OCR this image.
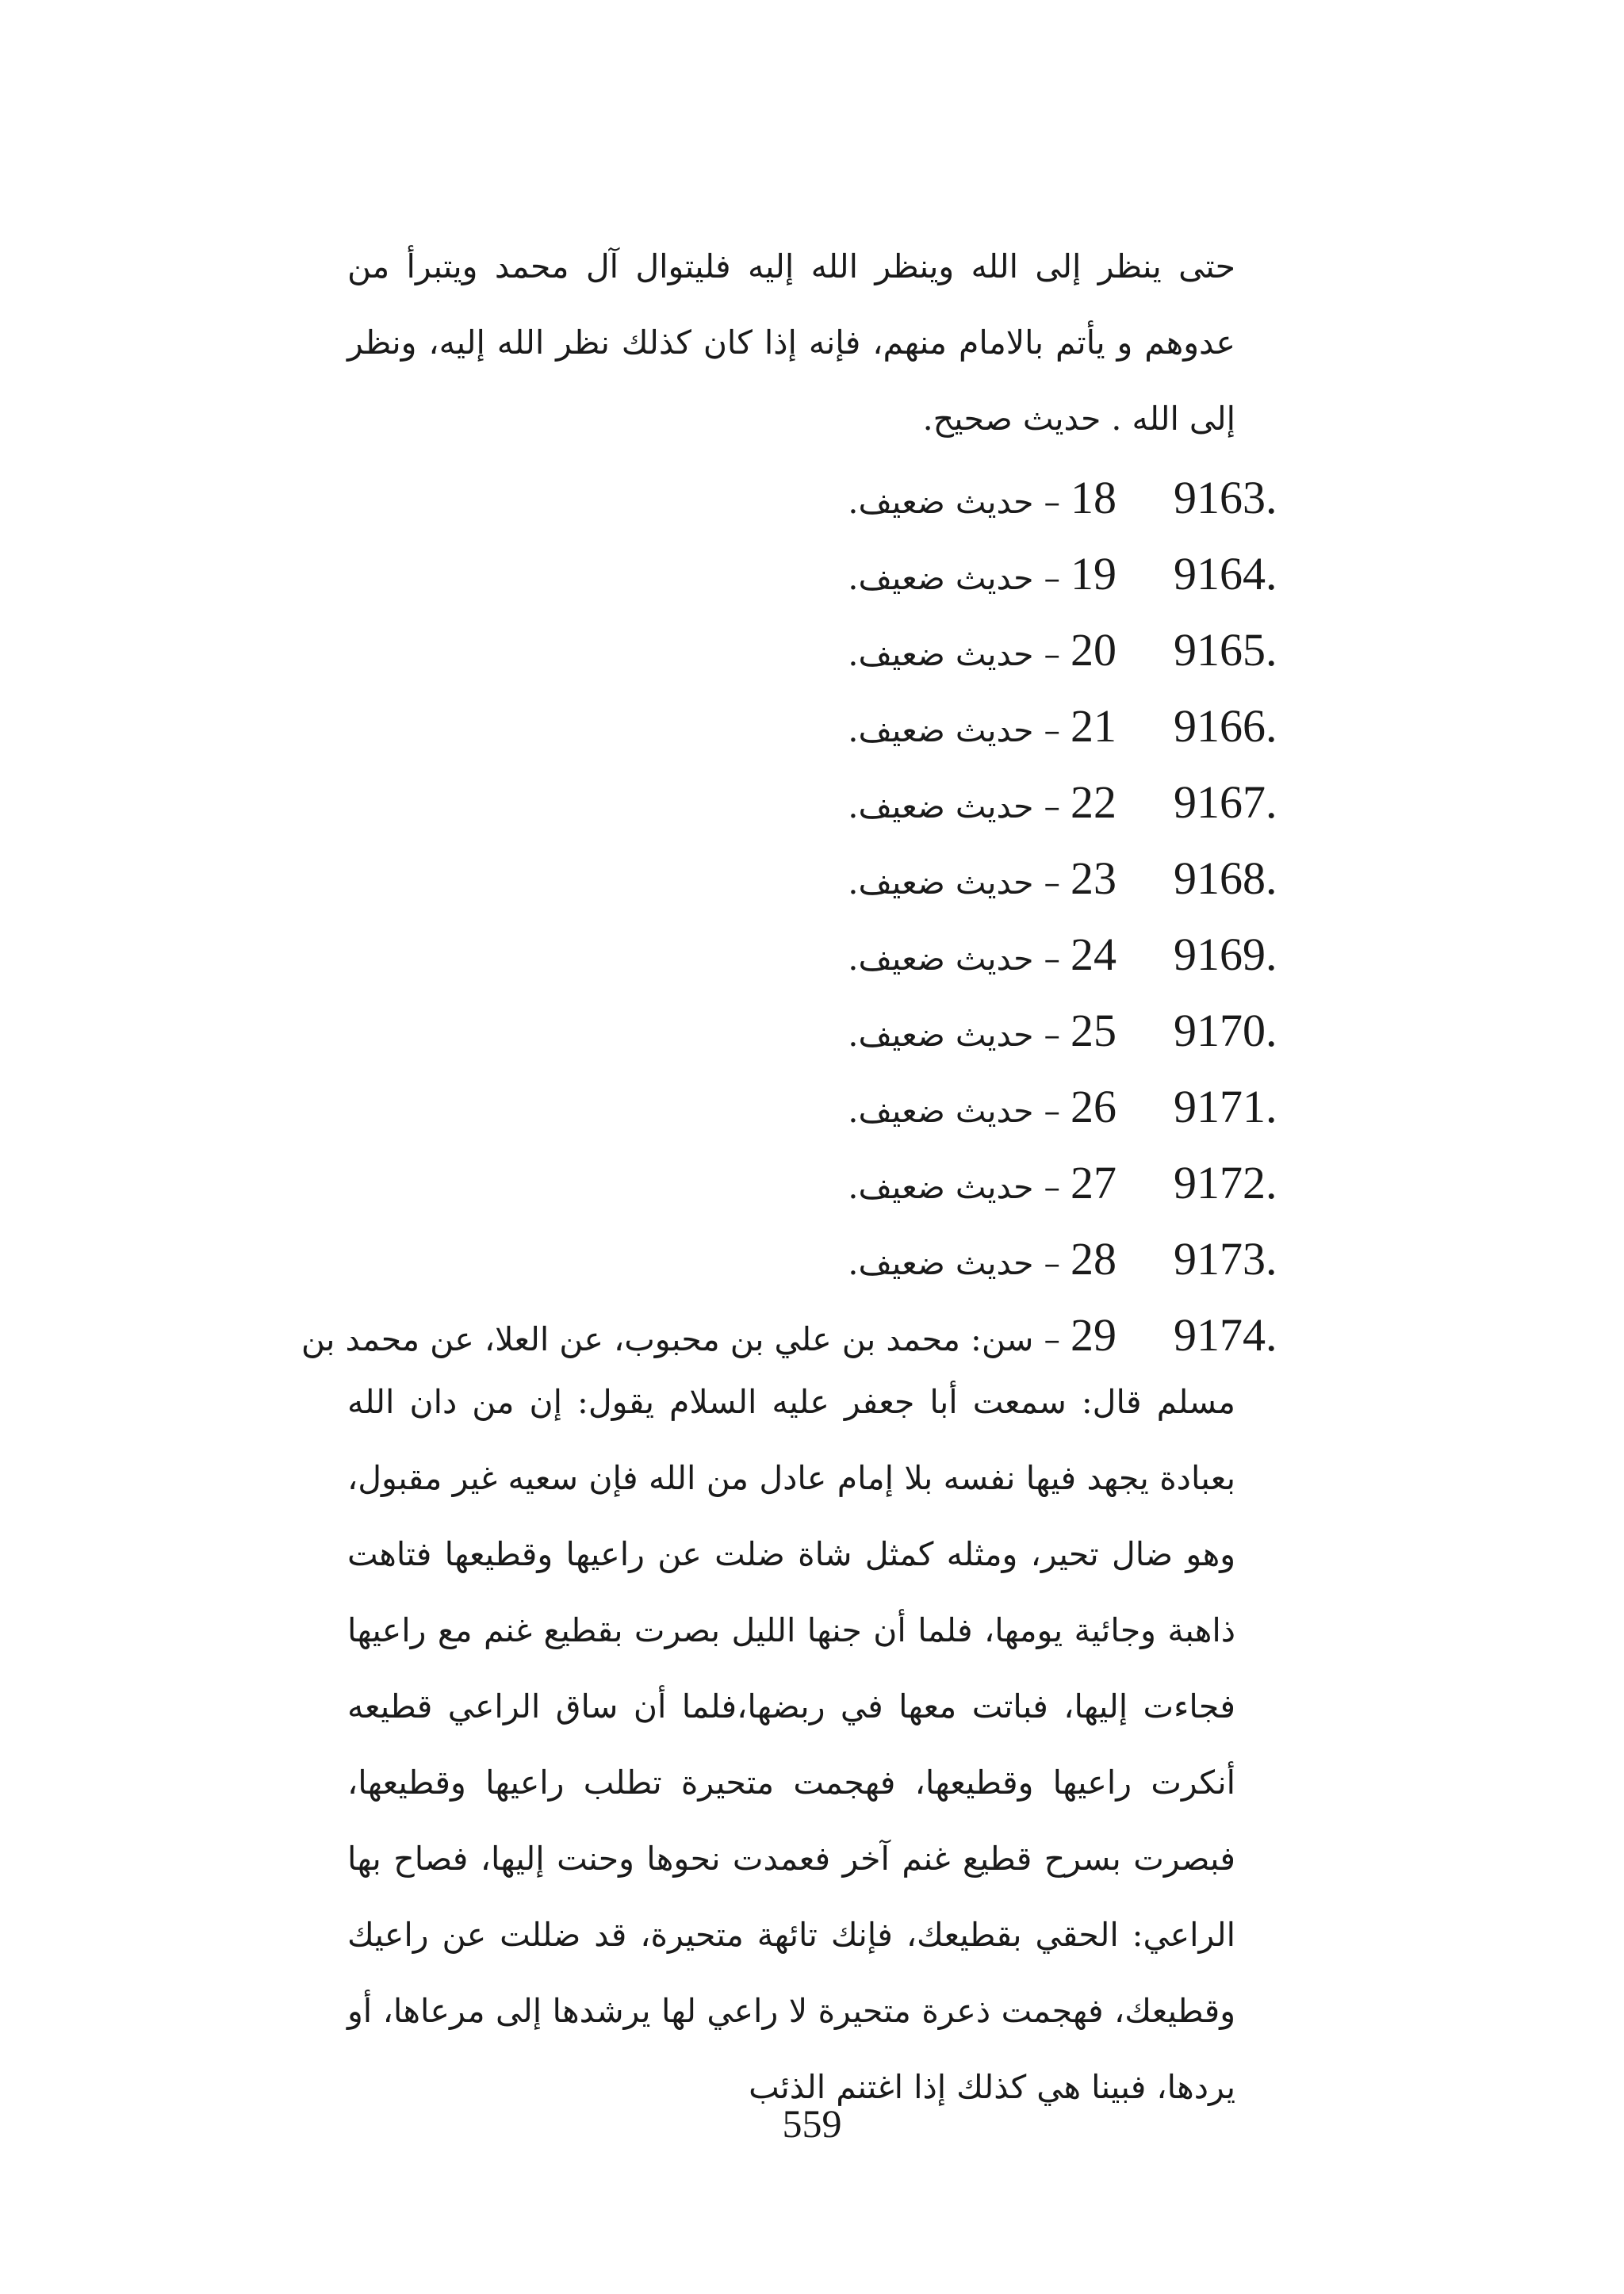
حتى ينظر إلى الله وينظر الله إليه فليتوال آل محمد ويتبرأ من عدوهم و يأتم بالامام منهم، فإنه إذا كان كذلك نظر الله إليه، ونظر إلى الله . حديث صحيح.

9163.
18 – حديث ضعيف.
9164.
19 – حديث ضعيف.
9165.
20 – حديث ضعيف.
9166.
21 – حديث ضعيف.
9167.
22 – حديث ضعيف.
9168.
23 – حديث ضعيف.
9169.
24 – حديث ضعيف.
9170.
25 – حديث ضعيف.
9171.
26 – حديث ضعيف.
9172.
27 – حديث ضعيف.
9173.
28 – حديث ضعيف.
9174.
29 – سن: محمد بن علي بن محبوب، عن العلا، عن محمد بن

مسلم قال: سمعت أبا جعفر عليه السلام يقول: إن من دان الله بعبادة يجهد فيها نفسه بلا إمام عادل من الله فإن سعيه غير مقبول، وهو ضال تحير، ومثله كمثل شاة ضلت عن راعيها وقطيعها فتاهت ذاهبة وجائية يومها، فلما أن جنها الليل بصرت بقطيع غنم مع راعيها فجاءت إليها، فباتت معها في ربضها،فلما أن ساق الراعي قطيعه أنكرت راعيها وقطيعها، فهجمت متحيرة تطلب راعيها وقطيعها، فبصرت بسرح قطيع غنم آخر فعمدت نحوها وحنت إليها، فصاح بها الراعي: الحقي بقطيعك، فإنك تائهة متحيرة، قد ضللت عن راعيك وقطيعك، فهجمت ذعرة متحيرة لا راعي لها يرشدها إلى مرعاها، أو يردها، فبينا هي كذلك إذا اغتنم الذئب

559
